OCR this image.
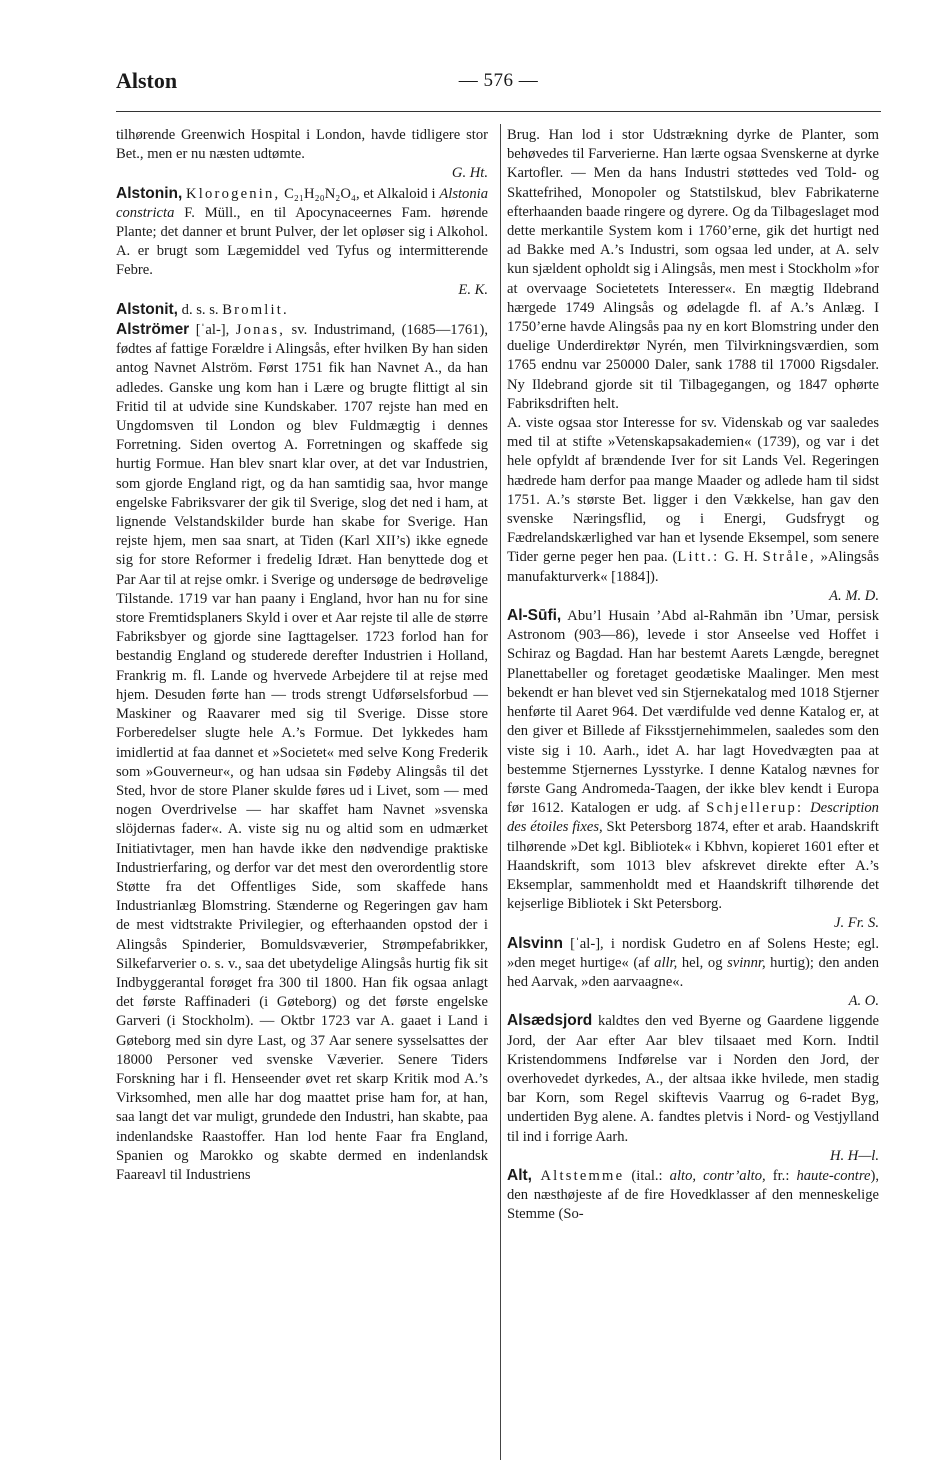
Alston	— 576 —

tilhørende Greenwich Hospital i London, havde tidligere stor Bet., men er nu næsten udtømte.
G. Ht.

Alstonin, Klorogenin, C₂₁H₂₀N₂O₄, et Alkaloid i Alstonia constricta F. Müll., en til Apocynaceernes Fam. hørende Plante; det danner et brunt Pulver, der let opløser sig i Alkohol. A. er brugt som Lægemiddel ved Tyfus og intermitterende Febre.
E. K.

Alstonit, d. s. s. Bromlit.

Alströmer [ˈal-], Jonas, sv. Industrimand, (1685—1761), fødtes af fattige Forældre i Alingsås, efter hvilken By han siden antog Navnet Alström. Først 1751 fik han Navnet A., da han adledes. Ganske ung kom han i Lære og brugte flittigt al sin Fritid til at udvide sine Kundskaber. 1707 rejste han med en Ungdomsven til London og blev Fuldmægtig i dennes Forretning. Siden overtog A. Forretningen og skaffede sig hurtig Formue. Han blev snart klar over, at det var Industrien, som gjorde England rigt, og da han samtidig saa, hvor mange engelske Fabriksvarer der gik til Sverige, slog det ned i ham, at lignende Velstandskilder burde han skabe for Sverige. Han rejste hjem, men saa snart, at Tiden (Karl XII’s) ikke egnede sig for store Reformer i fredelig Idræt. Han benyttede dog et Par Aar til at rejse omkr. i Sverige og undersøge de bedrøvelige Tilstande. 1719 var han paany i England, hvor han nu for sine store Fremtidsplaners Skyld i over et Aar rejste til alle de større Fabriksbyer og gjorde sine Iagttagelser. 1723 forlod han for bestandig England og studerede derefter Industrien i Holland, Frankrig m. fl. Lande og hvervede Arbejdere til at rejse med hjem. Desuden førte han — trods strengt Udførselsforbud — Maskiner og Raavarer med sig til Sverige. Disse store Forberedelser slugte hele A.’s Formue. Det lykkedes ham imidlertid at faa dannet et »Societet« med selve Kong Frederik som »Gouverneur«, og han udsaa sin Fødeby Alingsås til det Sted, hvor de store Planer skulde føres ud i Livet, som — med nogen Overdrivelse — har skaffet ham Navnet »svenska slöjdernas fader«. A. viste sig nu og altid som en udmærket Initiativtager, men han havde ikke den nødvendige praktiske Industrierfaring, og derfor var det mest den overordentlig store Støtte fra det Offentliges Side, som skaffede hans Industrianlæg Blomstring. Stænderne og Regeringen gav ham de mest vidtstrakte Privilegier, og efterhaanden opstod der i Alingsås Spinderier, Bomuldsvæverier, Strømpefabrikker, Silkefarverier o. s. v., saa det ubetydelige Alingsås hurtig fik sit Indbyggerantal forøget fra 300 til 1800. Han fik ogsaa anlagt det første Raffinaderi (i Gøteborg) og det første engelske Garveri (i Stockholm). — Oktbr 1723 var A. gaaet i Land i Gøteborg med sin dyre Last, og 37 Aar senere sysselsattes der 18000 Personer ved svenske Væverier. Senere Tiders Forskning har i fl. Henseender øvet ret skarp Kritik mod A.’s Virksomhed, men alle har dog maattet prise ham for, at han, saa langt det var muligt, grundede den Industri, han skabte, paa indenlandske Raastoffer. Han lod hente Faar fra England, Spanien og Marokko og skabte dermed en indenlandsk Faareavl til Industriens

Brug. Han lod i stor Udstrækning dyrke de Planter, som behøvedes til Farverierne. Han lærte ogsaa Svenskerne at dyrke Kartofler. — Men da hans Industri støttedes ved Told- og Skattefrihed, Monopoler og Statstilskud, blev Fabrikaterne efterhaanden baade ringere og dyrere. Og da Tilbageslaget mod dette merkantile System kom i 1760’erne, gik det hurtigt ned ad Bakke med A.’s Industri, som ogsaa led under, at A. selv kun sjældent opholdt sig i Alingsås, men mest i Stockholm »for at overvaage Societetets Interesser«. En mægtig Ildebrand hærgede 1749 Alingsås og ødelagde fl. af A.’s Anlæg. I 1750’erne havde Alingsås paa ny en kort Blomstring under den duelige Underdirektør Nyrén, men Tilvirkningsværdien, som 1765 endnu var 250000 Daler, sank 1788 til 17000 Rigsdaler. Ny Ildebrand gjorde sit til Tilbagegangen, og 1847 ophørte Fabriksdriften helt.

A. viste ogsaa stor Interesse for sv. Videnskab og var saaledes med til at stifte »Vetenskapsakademien« (1739), og var i det hele opfyldt af brændende Iver for sit Lands Vel. Regeringen hædrede ham derfor paa mange Maader og adlede ham til sidst 1751. A.’s største Bet. ligger i den Vækkelse, han gav den svenske Næringsflid, og i Energi, Gudsfrygt og Fædrelandskærlighed var han et lysende Eksempel, som senere Tider gerne peger hen paa. (Litt.: G. H. Stråle, »Alingsås manufakturverk« [1884]).
A. M. D.

Al-Sūfi, Abu’l Husain ’Abd al-Rahmān ibn ’Umar, persisk Astronom (903—86), levede i stor Anseelse ved Hoffet i Schiraz og Bagdad. Han har bestemt Aarets Længde, beregnet Planettabeller og foretaget geodætiske Maalinger. Men mest bekendt er han blevet ved sin Stjernekatalog med 1018 Stjerner henførte til Aaret 964. Det værdifulde ved denne Katalog er, at den giver et Billede af Fiksstjernehimmelen, saaledes som den viste sig i 10. Aarh., idet A. har lagt Hovedvægten paa at bestemme Stjernernes Lysstyrke. I denne Katalog nævnes for første Gang Andromeda-Taagen, der ikke blev kendt i Europa før 1612. Katalogen er udg. af Schjellerup: Description des étoiles fixes, Skt Petersborg 1874, efter et arab. Haandskrift tilhørende »Det kgl. Bibliotek« i Kbhvn, kopieret 1601 efter et Haandskrift, som 1013 blev afskrevet direkte efter A.’s Eksemplar, sammenholdt med et Haandskrift tilhørende det kejserlige Bibliotek i Skt Petersborg.
J. Fr. S.

Alsvinn [ˈal-], i nordisk Gudetro en af Solens Heste; egl. »den meget hurtige« (af allr, hel, og svinnr, hurtig); den anden hed Aarvak, »den aarvaagne«.
A. O.

Alsædsjord kaldtes den ved Byerne og Gaardene liggende Jord, der Aar efter Aar blev tilsaaet med Korn. Indtil Kristendommens Indførelse var i Norden den Jord, der overhovedet dyrkedes, A., der altsaa ikke hvilede, men stadig bar Korn, som Regel skiftevis Vaarrug og 6-radet Byg, undertiden Byg alene. A. fandtes pletvis i Nord- og Vestjylland til ind i forrige Aarh.
H. H—l.

Alt, Altstemme (ital.: alto, contr’alto, fr.: haute-contre), den næsthøjeste af de fire Hovedklasser af den menneskelige Stemme (So-
